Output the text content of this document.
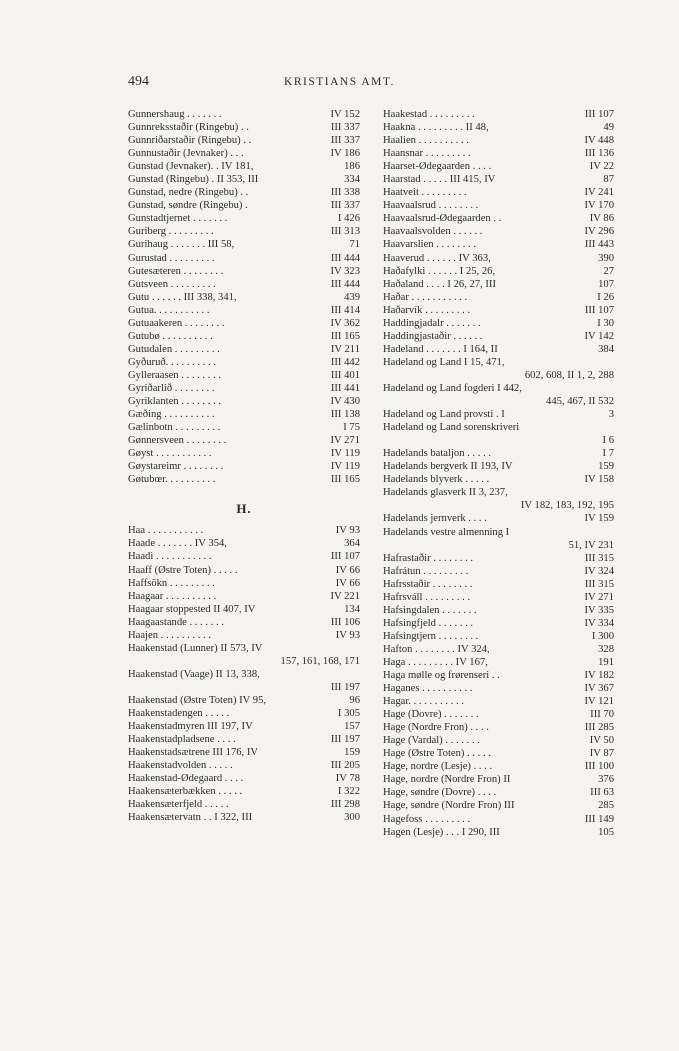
494	KRISTIANS AMT.
Gunnershaug . . . . . . .	IV 152
Gunnreksstaðir (Ringebu) . .	III 337
Gunnriðarstaðir (Ringebu) . .	III 337
Gunnustaðir (Jevnaker) . . .	IV 186
Gunstad (Jevnaker). . IV 181,	186
Gunstad (Ringebu) . II 353, III	334
Gunstad, nedre (Ringebu) . .	III 338
Gunstad, søndre (Ringebu) .	III 337
Gunstadtjernet . . . . . . .	I 426
Guriberg . . . . . . . . .	III 313
Gurihaug . . . . . . . III 58,	71
Gurustad . . . . . . . . .	III 444
Gutesæteren . . . . . . . .	IV 323
Gutsveen . . . . . . . . .	III 444
Gutu . . . . . . III 338, 341,	439
Gutua. . . . . . . . . . .	III 414
Gutuaakeren . . . . . . . .	IV 362
Gutubø . . . . . . . . . .	III 165
Gutudalen . . . . . . . . .	IV 211
Gyðuruð. . . . . . . . . .	III 442
Gylleraasen . . . . . . . .	III 401
Gyriðarlið . . . . . . . .	III 441
Gyriklanten . . . . . . . .	IV 430
Gæðing . . . . . . . . . .	III 138
Gælinbotn . . . . . . . . .	I 75
Gønnersveen . . . . . . . .	IV 271
Gøyst . . . . . . . . . . .	IV 119
Gøystareimr . . . . . . . .	IV 119
Gøtubœr. . . . . . . . . .	III 165
H.
Haa . . . . . . . . . . .	IV 93
Haade . . . . . . . IV 354,	364
Haadi . . . . . . . . . . .	III 107
Haaff (Østre Toten) . . . . .	IV 66
Haffsökn . . . . . . . . .	IV 66
Haagaar . . . . . . . . . .	IV 221
Haagaar stoppested II 407, IV	134
Haagaastande . . . . . . .	III 106
Haajen . . . . . . . . . .	IV 93
Haakenstad (Lunner) II 573, IV
157, 161, 168, 171
Haakenstad (Vaage) II 13, 338,
III 197
Haakenstad (Østre Toten) IV 95,	96
Haakenstadengen . . . . .	I 305
Haakenstadmyren III 197, IV	157
Haakenstadpladsene . . . .	III 197
Haakenstadsætrene III 176, IV	159
Haakenstadvolden . . . . .	III 205
Haakenstad-Ødegaard . . . .	IV 78
Haakensæterbækken . . . . .	I 322
Haakensæterfjeld . . . . .	III 298
Haakensætervatn . . I 322, III	300
Haakestad . . . . . . . . .	III 107
Haakna . . . . . . . . . II 48,	49
Haalien . . . . . . . . . .	IV 448
Haansnar . . . . . . . . .	III 136
Haarset-Ødegaarden . . . .	IV 22
Haarstad . . . . . III 415, IV	87
Haatveit . . . . . . . . .	IV 241
Haavaalsrud . . . . . . . .	IV 170
Haavaalsrud-Ødegaarden . .	IV 86
Haavaalsvolden . . . . . .	IV 296
Haavarslien . . . . . . . .	III 443
Haaverud . . . . . . IV 363,	390
Haðafylki . . . . . . I 25, 26,	27
Haðaland . . . . I 26, 27, III	107
Haðar . . . . . . . . . . .	I 26
Haðarvík . . . . . . . . .	III 107
Haddingjadalr . . . . . . .	I 30
Haddingjastaðir . . . . . .	IV 142
Hadeland . . . . . . . I 164, II	384
Hadeland og Land I 15, 471,
602, 608, II 1, 2, 288
Hadeland og Land fogderi I 442,
445, 467, II 532
Hadeland og Land provsti . I	3
Hadeland og Land sorenskriveri
I 6
Hadelands bataljon . . . . .	I 7
Hadelands bergverk II 193, IV	159
Hadelands blyverk . . . . .	IV 158
Hadelands glasverk II 3, 237,
IV 182, 183, 192, 195
Hadelands jernverk . . . .	IV 159
Hadelands vestre almenning I
51, IV 231
Hafrastaðir . . . . . . . .	III 315
Hafrátun . . . . . . . . .	IV 324
Hafrsstaðir . . . . . . . .	III 315
Hafrsváll . . . . . . . . .	IV 271
Hafsingdalen . . . . . . .	IV 335
Hafsingfjeld . . . . . . .	IV 334
Hafsingtjern . . . . . . . .	I 300
Hafton . . . . . . . . IV 324,	328
Haga . . . . . . . . . IV 167,	191
Haga mølle og frørenseri . .	IV 182
Haganes . . . . . . . . . .	IV 367
Hagar. . . . . . . . . . .	IV 121
Hage (Dovre) . . . . . . .	III 70
Hage (Nordre Fron) . . . .	III 285
Hage (Vardal) . . . . . . .	IV 50
Hage (Østre Toten) . . . . .	IV 87
Hage, nordre (Lesje) . . . .	III 100
Hage, nordre (Nordre Fron) II	376
Hage, søndre (Dovre) . . . .	III 63
Hage, søndre (Nordre Fron) III	285
Hagefoss . . . . . . . . .	III 149
Hagen (Lesje) . . . I 290, III	105
